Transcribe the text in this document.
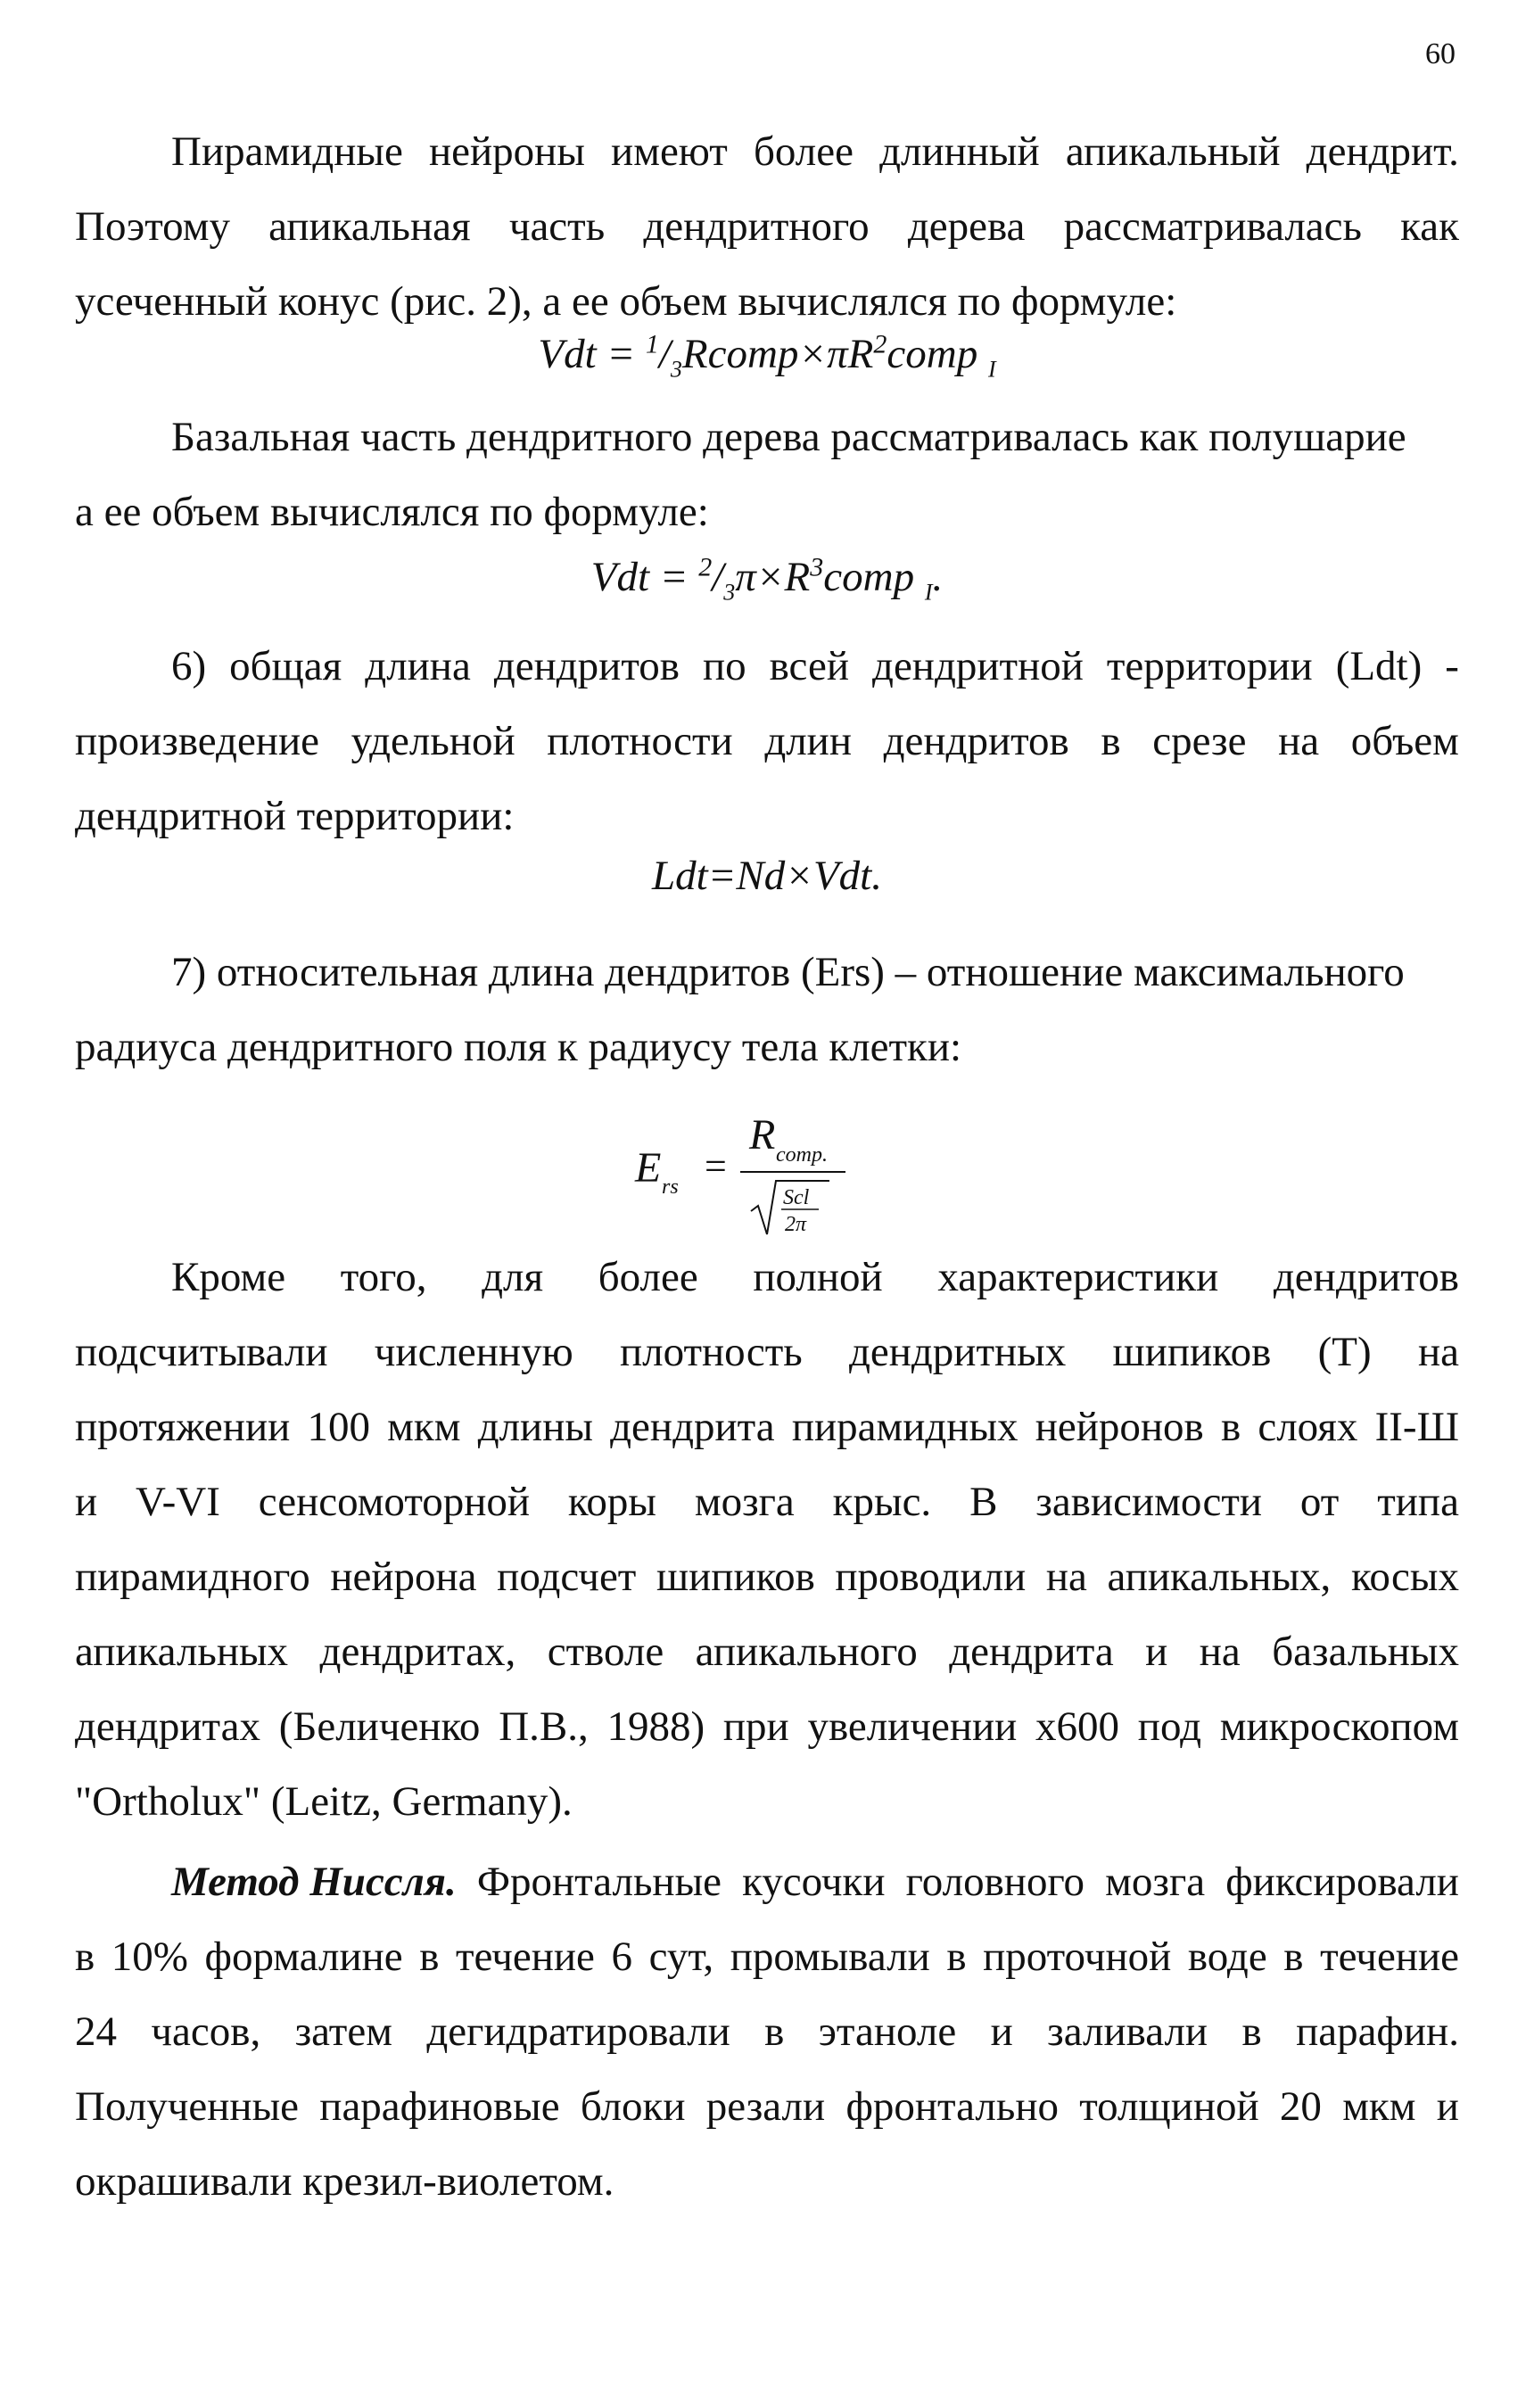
60
Пирамидные нейроны имеют более длинный апикальный дендрит.
Поэтому апикальная часть дендритного дерева рассматривалась как
усеченный конус (рис. 2), а ее объем вычислялся по формуле:
Vdt = $^1/_3Rcomp\times\pi R^2comp$ $_I$
Базальная часть дендритного дерева рассматривалась как полушарие
а ее объем вычислялся по формуле:
Vdt = $^2/_3\pi\times R^3comp$ $_I$.
6) общая длина дендритов по всей дендритной территории (Ldt) -
произведение удельной плотности длин дендритов в срезе на объем
дендритной территории:
Ldt=Nd×Vdt.
7) относительная длина дендритов (Ers) – отношение максимального
радиуса дендритного поля к радиусу тела клетки:
E rs =
R comp.
Scl
2π
Кроме того, для более полной характеристики дендритов
подсчитывали численную плотность дендритных шипиков (Т) на
протяжении 100 мкм длины дендрита пирамидных нейронов в слоях II-Ш
и V-VI сенсомоторной коры мозга крыс. В зависимости от типа
пирамидного нейрона подсчет шипиков проводили на апикальных, косых
апикальных дендритах, стволе апикального дендрита и на базальных
дендритах (Беличенко П.В., 1988) при увеличении х600 под микроскопом
"Ortholux" (Leitz, Germany).
Метод Ниссля. Фронтальные кусочки головного мозга фиксировали
в 10% формалине в течение 6 сут, промывали в проточной воде в течение
24 часов, затем дегидратировали в этаноле и заливали в парафин.
Полученные парафиновые блоки резали фронтально толщиной 20 мкм и
окрашивали крезил-виолетом.
